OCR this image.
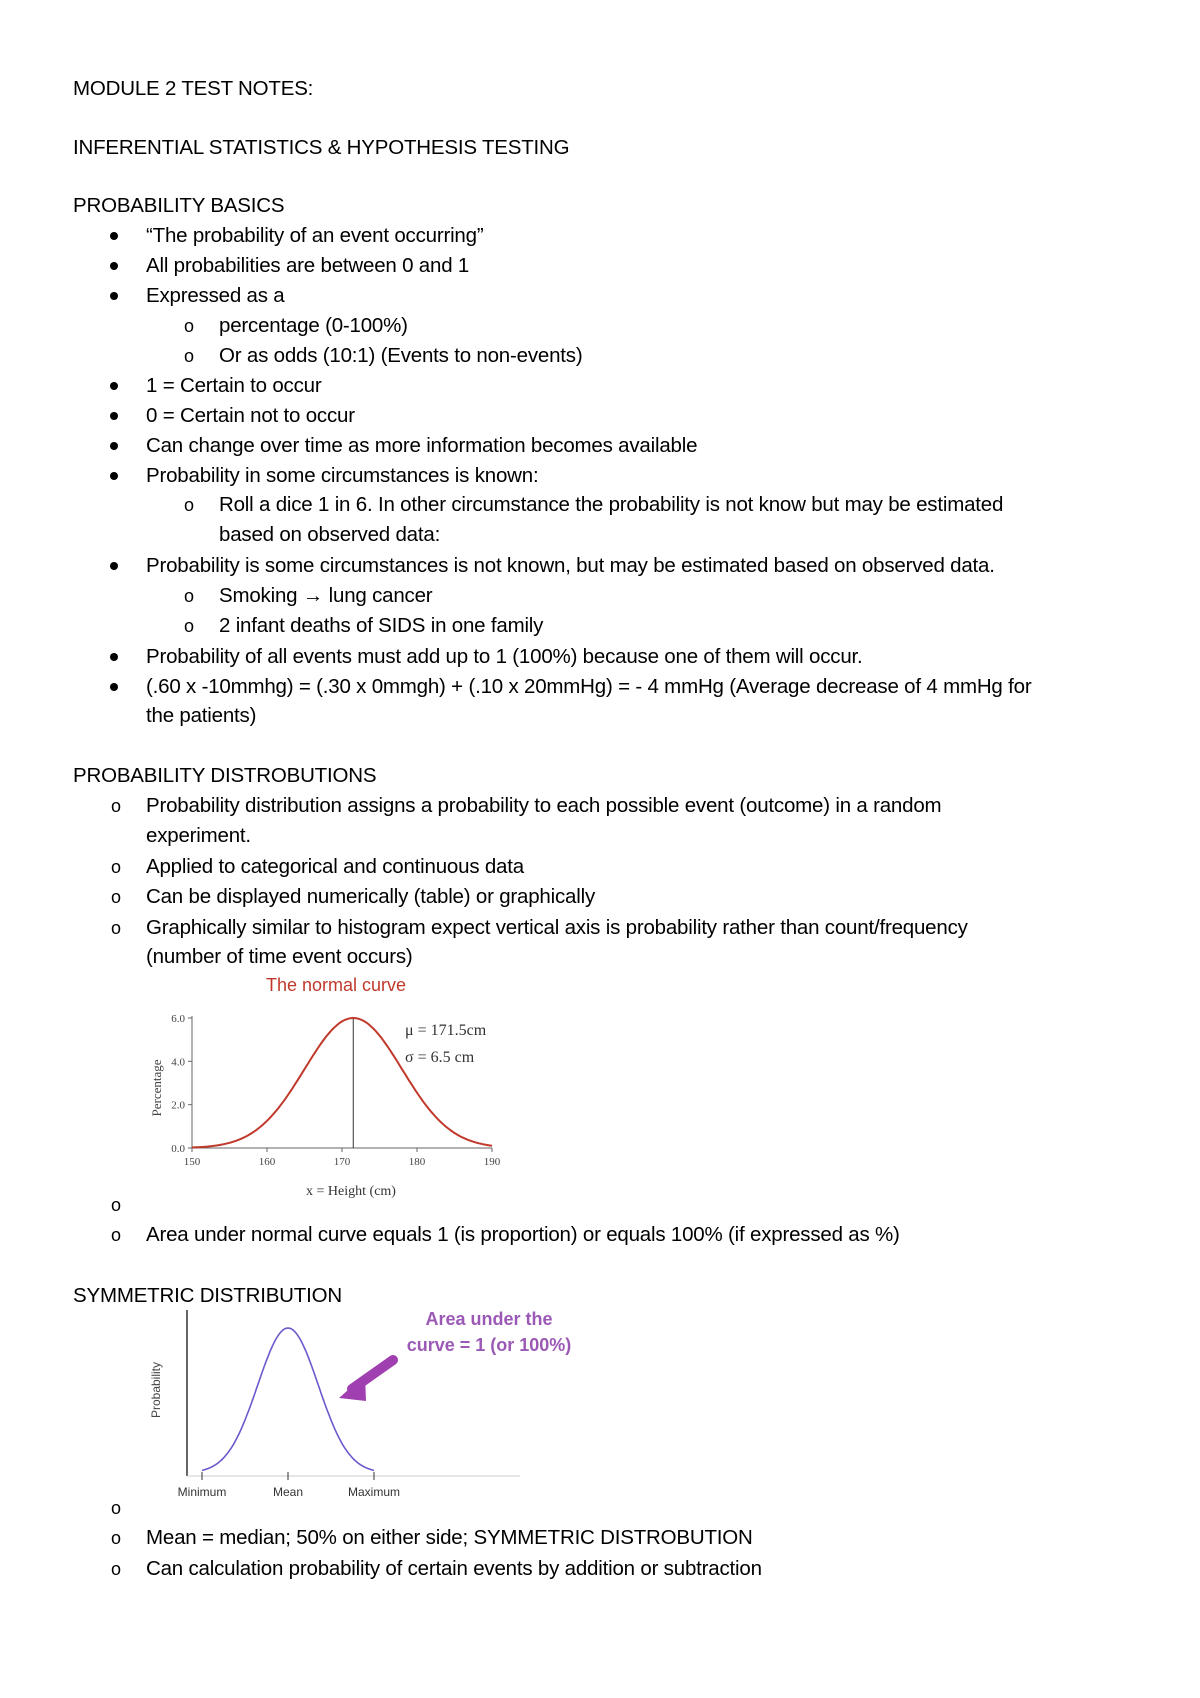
MODULE 2 TEST NOTES:
INFERENTIAL STATISTICS & HYPOTHESIS TESTING
PROBABILITY BASICS
“The probability of an event occurring”
All probabilities are between 0 and 1
Expressed as a
o percentage (0-100%)
o Or as odds (10:1) (Events to non-events)
1 = Certain to occur
0 = Certain not to occur
Can change over time as more information becomes available
Probability in some circumstances is known:
o Roll a dice 1 in 6. In other circumstance the probability is not know but may be estimated
based on observed data:
Probability is some circumstances is not known, but may be estimated based on observed data.
o Smoking → lung cancer
o 2 infant deaths of SIDS in one family
Probability of all events must add up to 1 (100%) because one of them will occur.
(.60 x -10mmhg) = (.30 x 0mmgh) + (.10 x 20mmHg) = - 4 mmHg (Average decrease of 4 mmHg for
the patients)
PROBABILITY DISTROBUTIONS
o Probability distribution assigns a probability to each possible event (outcome) in a random
experiment.
o Applied to categorical and continuous data
o Can be displayed numerically (table) or graphically
o Graphically similar to histogram expect vertical axis is probability rather than count/frequency
(number of time event occurs)
The normal curve
Percentage
0.0
2.0
4.0
6.0
150	160	170	180	190
μ = 171.5cm
σ = 6.5 cm
x = Height (cm)
o
o Area under normal curve equals 1 (is proportion) or equals 100% (if expressed as %)
SYMMETRIC DISTRIBUTION
Probability
Minimum	Mean	Maximum
Area under the
curve = 1 (or 100%)
o
o Mean = median; 50% on either side; SYMMETRIC DISTROBUTION
o Can calculation probability of certain events by addition or subtraction
